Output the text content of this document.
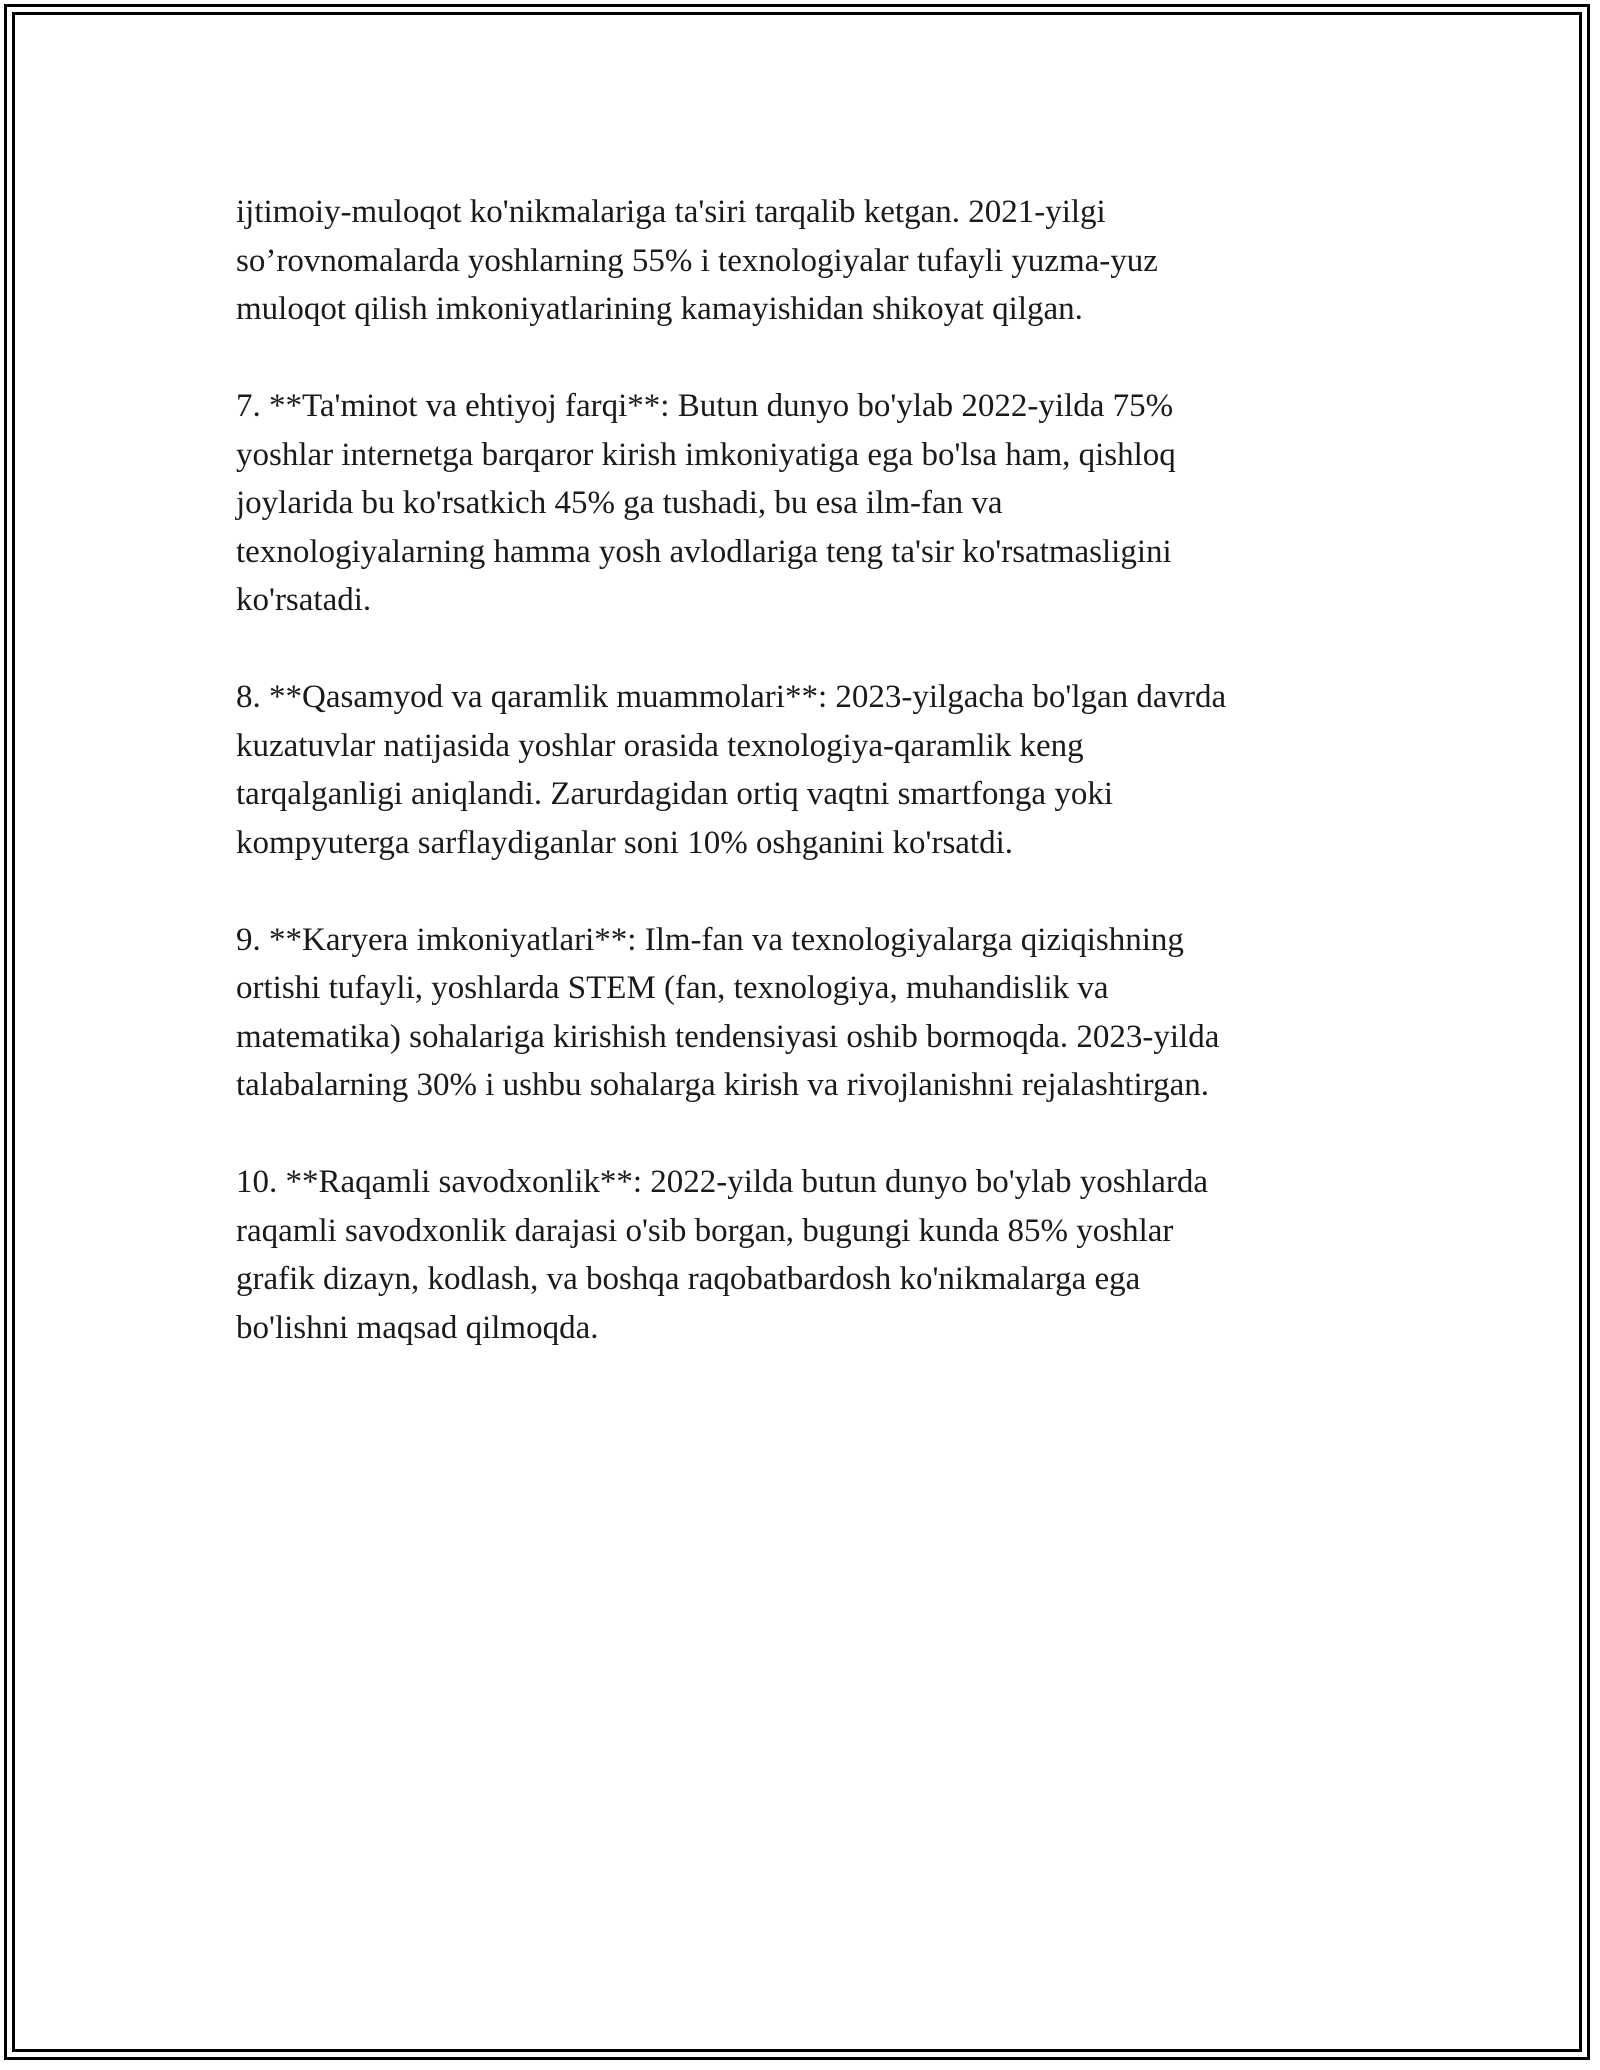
ijtimoiy-muloqot ko'nikmalariga ta'siri tarqalib ketgan. 2021-yilgi
so’rovnomalarda yoshlarning 55% i texnologiyalar tufayli yuzma-yuz
muloqot qilish imkoniyatlarining kamayishidan shikoyat qilgan.

7. **Ta'minot va ehtiyoj farqi**: Butun dunyo bo'ylab 2022-yilda 75%
yoshlar internetga barqaror kirish imkoniyatiga ega bo'lsa ham, qishloq
joylarida bu ko'rsatkich 45% ga tushadi, bu esa ilm-fan va
texnologiyalarning hamma yosh avlodlariga teng ta'sir ko'rsatmasligini
ko'rsatadi.

8. **Qasamyod va qaramlik muammolari**: 2023-yilgacha bo'lgan davrda
kuzatuvlar natijasida yoshlar orasida texnologiya-qaramlik keng
tarqalganligi aniqlandi. Zarurdagidan ortiq vaqtni smartfonga yoki
kompyuterga sarflaydiganlar soni 10% oshganini ko'rsatdi.

9. **Karyera imkoniyatlari**: Ilm-fan va texnologiyalarga qiziqishning
ortishi tufayli, yoshlarda STEM (fan, texnologiya, muhandislik va
matematika) sohalariga kirishish tendensiyasi oshib bormoqda. 2023-yilda
talabalarning 30% i ushbu sohalarga kirish va rivojlanishni rejalashtirgan.

10. **Raqamli savodxonlik**: 2022-yilda butun dunyo bo'ylab yoshlarda
raqamli savodxonlik darajasi o'sib borgan, bugungi kunda 85% yoshlar
grafik dizayn, kodlash, va boshqa raqobatbardosh ko'nikmalarga ega
bo'lishni maqsad qilmoqda.
